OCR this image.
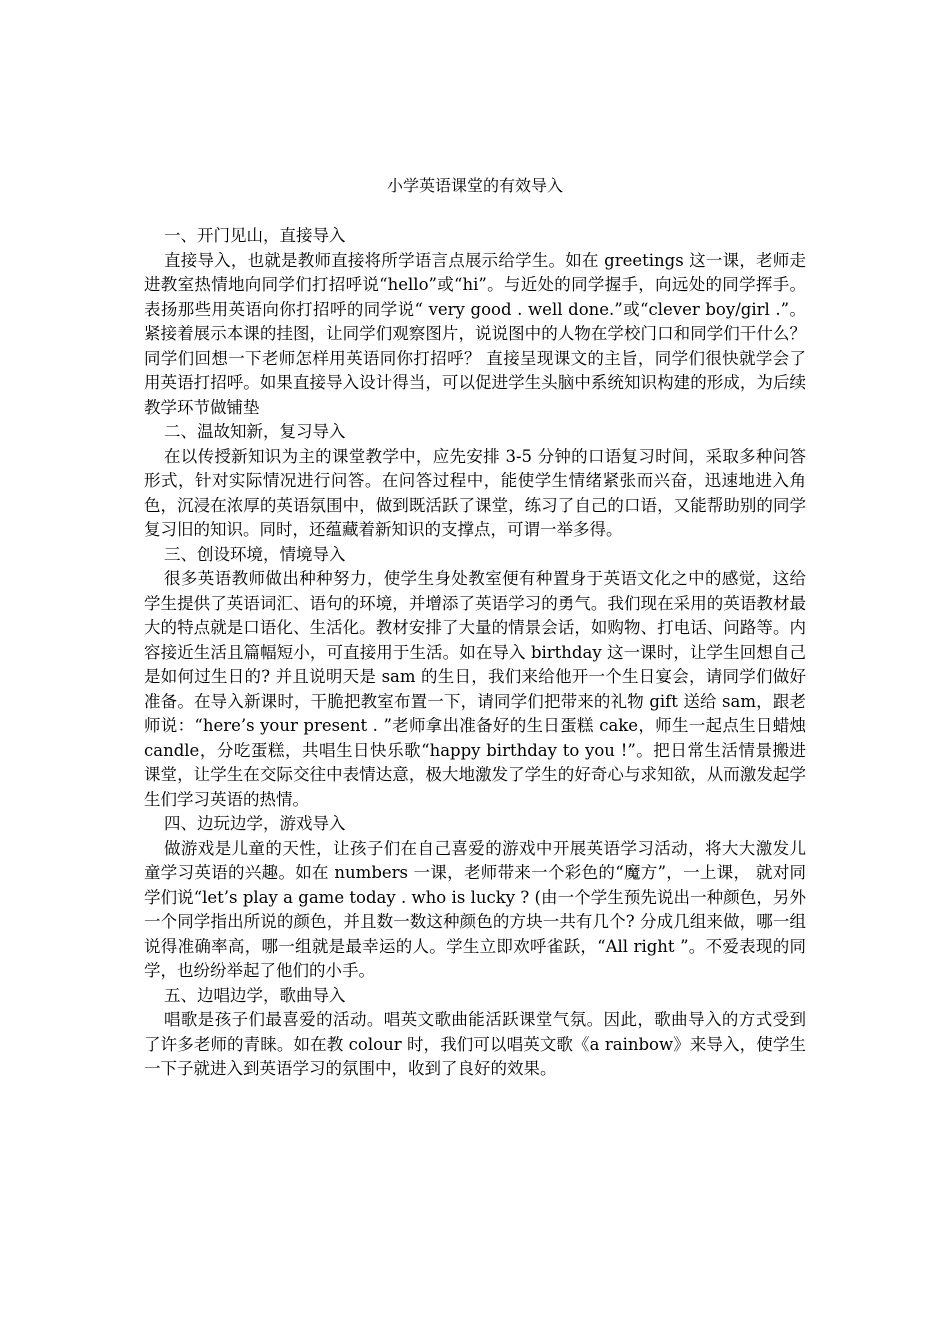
小学英语课堂的有效导入

一、开门见山，直接导入

直接导入，也就是教师直接将所学语言点展示给学生。如在 greetings 这一课，老师走进教室热情地向同学们打招呼说“hello”或“hi”。与近处的同学握手，向远处的同学挥手。表扬那些用英语向你打招呼的同学说“ very good . well done.”或“clever boy/girl .”。紧接着展示本课的挂图，让同学们观察图片，说说图中的人物在学校门口和同学们干什么？同学们回想一下老师怎样用英语同你打招呼？ 直接呈现课文的主旨，同学们很快就学会了用英语打招呼。如果直接导入设计得当，可以促进学生头脑中系统知识构建的形成，为后续教学环节做铺垫

二、温故知新，复习导入

在以传授新知识为主的课堂教学中，应先安排 3-5 分钟的口语复习时间，采取多种问答形式，针对实际情况进行问答。在问答过程中，能使学生情绪紧张而兴奋，迅速地进入角色，沉浸在浓厚的英语氛围中，做到既活跃了课堂，练习了自己的口语，又能帮助别的同学复习旧的知识。同时，还蕴藏着新知识的支撑点，可谓一举多得。

三、创设环境，情境导入

很多英语教师做出种种努力，使学生身处教室便有种置身于英语文化之中的感觉，这给学生提供了英语词汇、语句的环境，并增添了英语学习的勇气。我们现在采用的英语教材最大的特点就是口语化、生活化。教材安排了大量的情景会话，如购物、打电话、问路等。内容接近生活且篇幅短小，可直接用于生活。如在导入 birthday 这一课时，让学生回想自己是如何过生日的? 并且说明天是 sam 的生日，我们来给他开一个生日宴会，请同学们做好准备。在导入新课时，干脆把教室布置一下，请同学们把带来的礼物 gift 送给 sam，跟老师说：“here’s your present . ”老师拿出准备好的生日蛋糕 cake，师生一起点生日蜡烛 candle，分吃蛋糕，共唱生日快乐歌“happy birthday to you !”。把日常生活情景搬进课堂，让学生在交际交往中表情达意，极大地激发了学生的好奇心与求知欲，从而激发起学生们学习英语的热情。

四、边玩边学，游戏导入

做游戏是儿童的天性，让孩子们在自己喜爱的游戏中开展英语学习活动，将大大激发儿童学习英语的兴趣。如在 numbers 一课，老师带来一个彩色的“魔方”，一上课， 就对同学们说“let’s play a game today . who is lucky ? (由一个学生预先说出一种颜色，另外一个同学指出所说的颜色，并且数一数这种颜色的方块一共有几个? 分成几组来做，哪一组说得准确率高，哪一组就是最幸运的人。学生立即欢呼雀跃，“All right ”。不爱表现的同学，也纷纷举起了他们的小手。

五、边唱边学，歌曲导入

唱歌是孩子们最喜爱的活动。唱英文歌曲能活跃课堂气氛。因此，歌曲导入的方式受到了许多老师的青睐。如在教 colour 时，我们可以唱英文歌《a rainbow》来导入，使学生一下子就进入到英语学习的氛围中，收到了良好的效果。
